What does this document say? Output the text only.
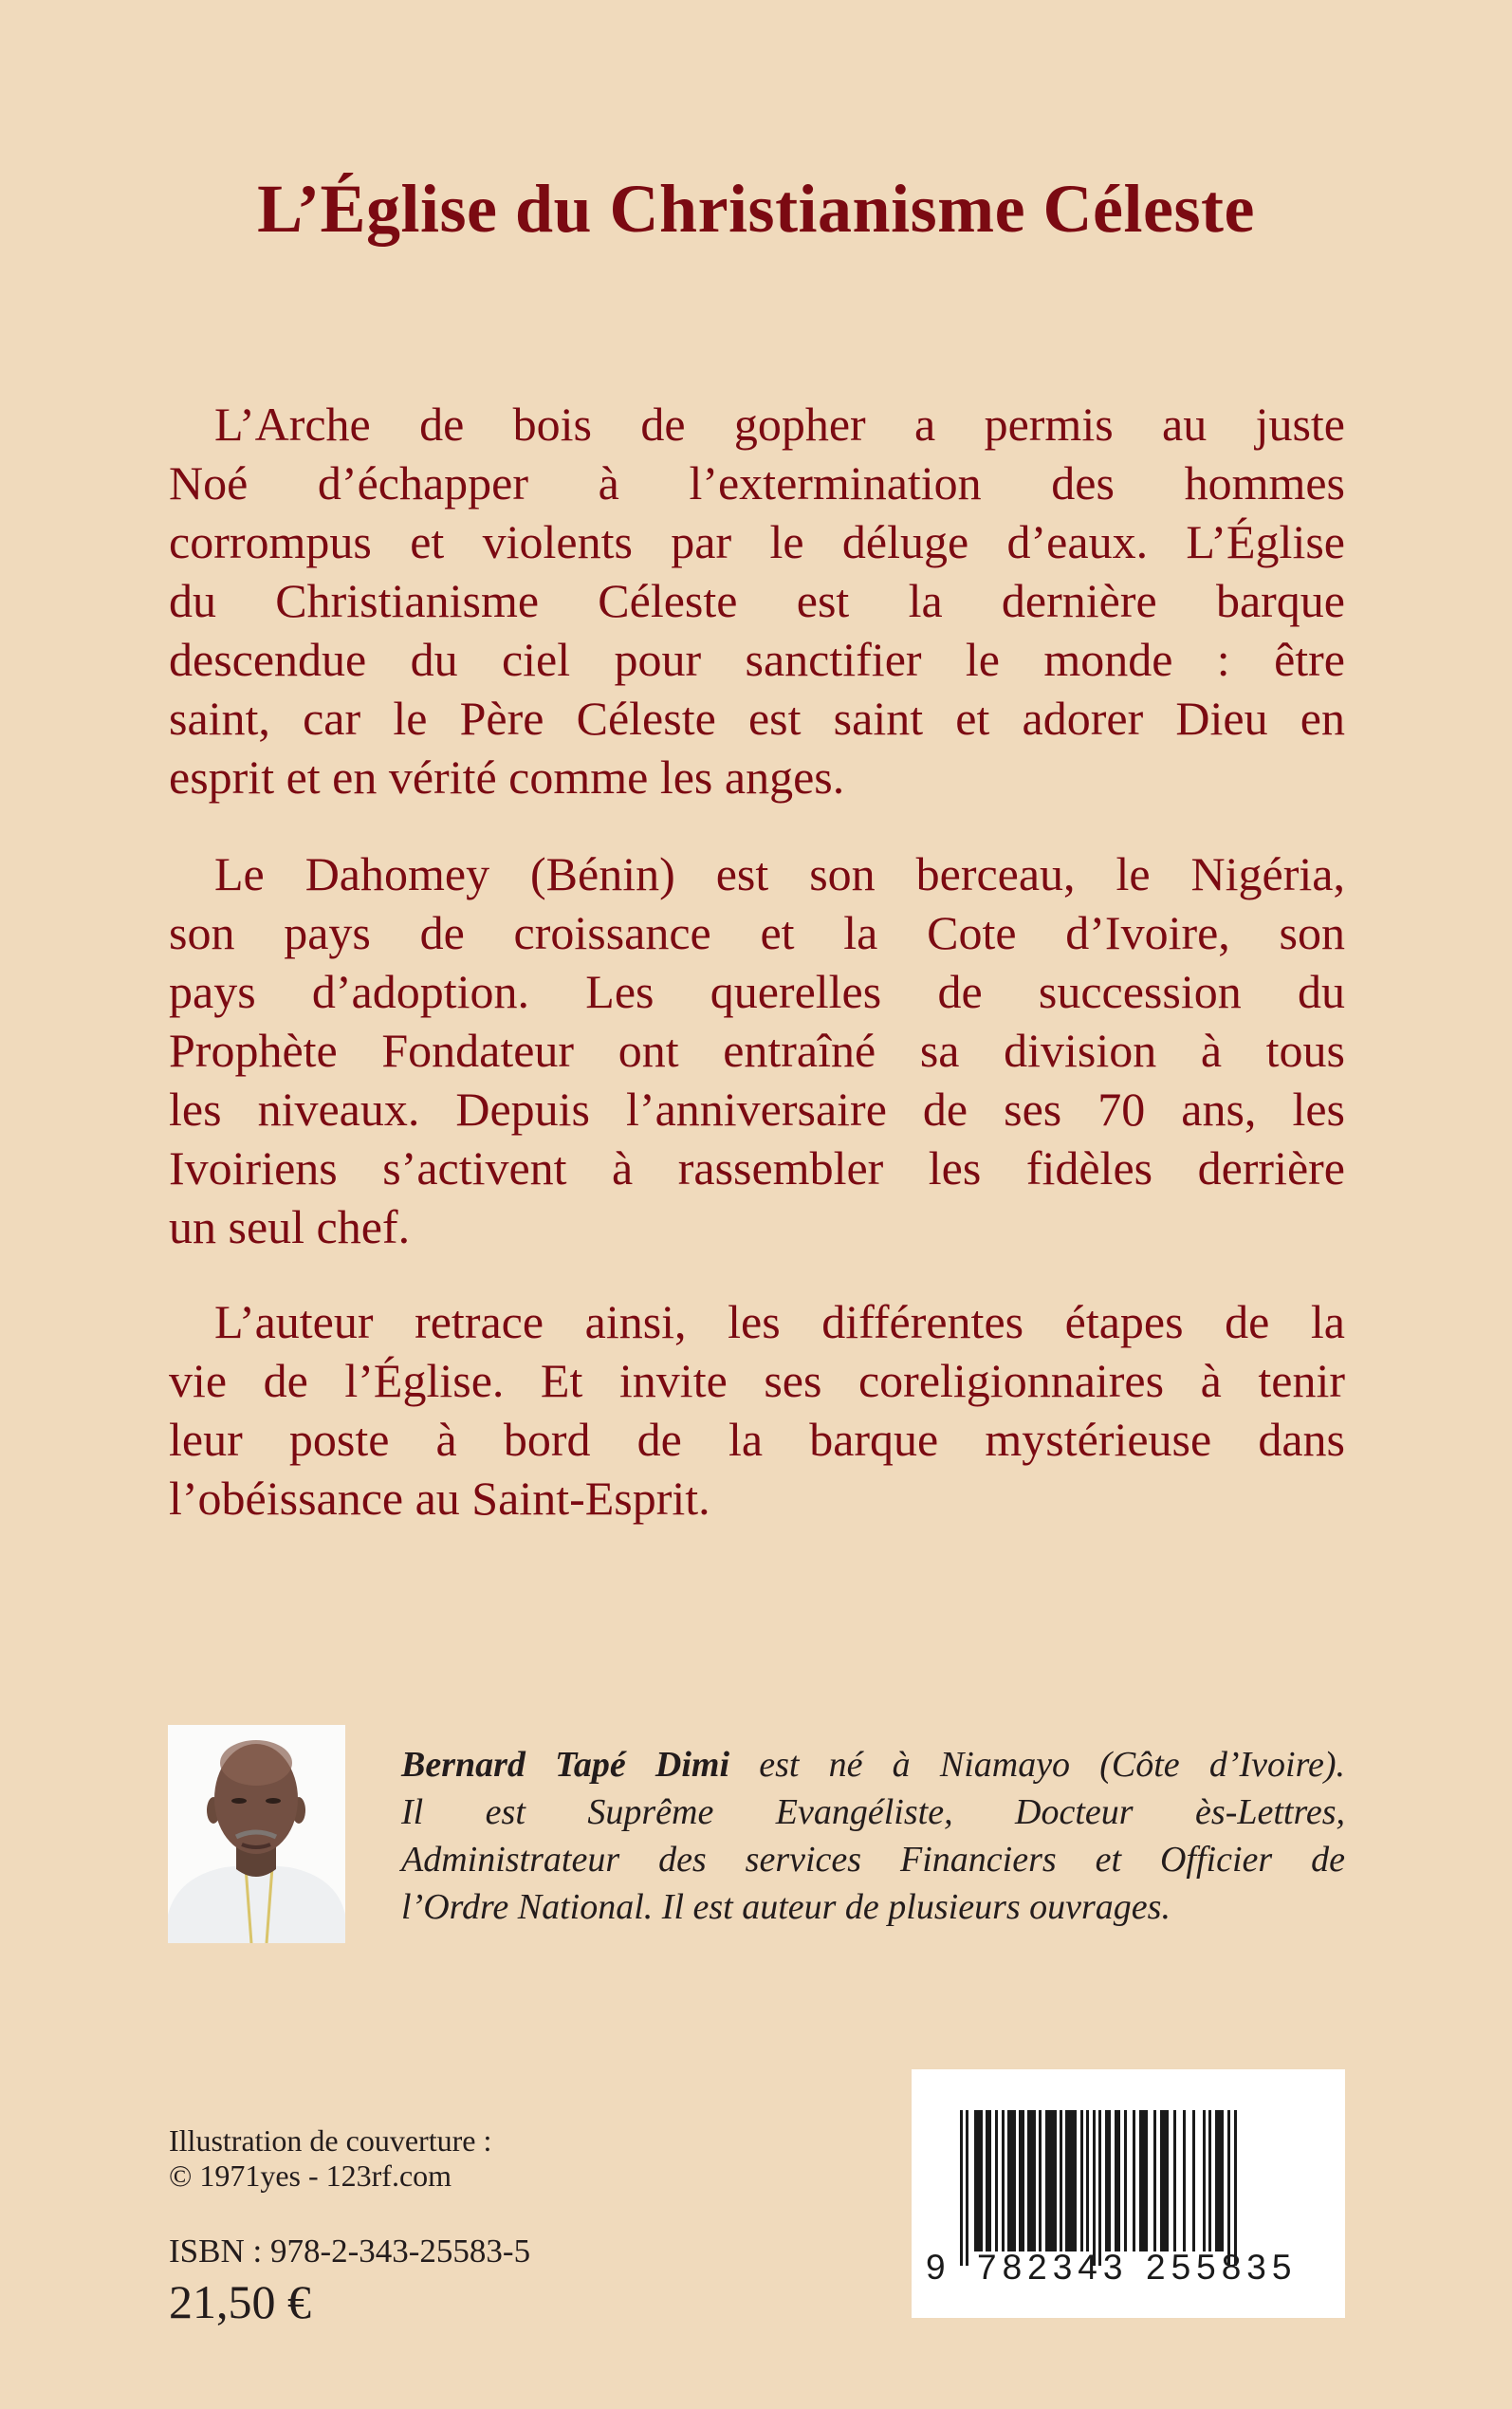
L’Église du Christianisme Céleste
L’Arche de bois de gopher a permis au juste
Noé d’échapper à l’extermination des hommes
corrompus et violents par le déluge d’eaux. L’Église
du Christianisme Céleste est la dernière barque
descendue du ciel pour sanctifier le monde : être
saint, car le Père Céleste est saint et adorer Dieu en
esprit et en vérité comme les anges.
Le Dahomey (Bénin) est son berceau, le Nigéria,
son pays de croissance et la Cote d’Ivoire, son
pays d’adoption. Les querelles de succession du
Prophète Fondateur ont entraîné sa division à tous
les niveaux. Depuis l’anniversaire de ses 70 ans, les
Ivoiriens s’activent à rassembler les fidèles derrière
un seul chef.
L’auteur retrace ainsi, les différentes étapes de la
vie de l’Église. Et invite ses coreligionnaires à tenir
leur poste à bord de la barque mystérieuse dans
l’obéissance au Saint-Esprit.
Bernard Tapé Dimi est né à Niamayo (Côte d’Ivoire).
Il est Suprême Evangéliste, Docteur ès-Lettres,
Administrateur des services Financiers et Officier de
l’Ordre National. Il est auteur de plusieurs ouvrages.
Illustration de couverture :
© 1971yes - 123rf.com
ISBN : 978-2-343-25583-5
21,50 €
9 782343 255835
